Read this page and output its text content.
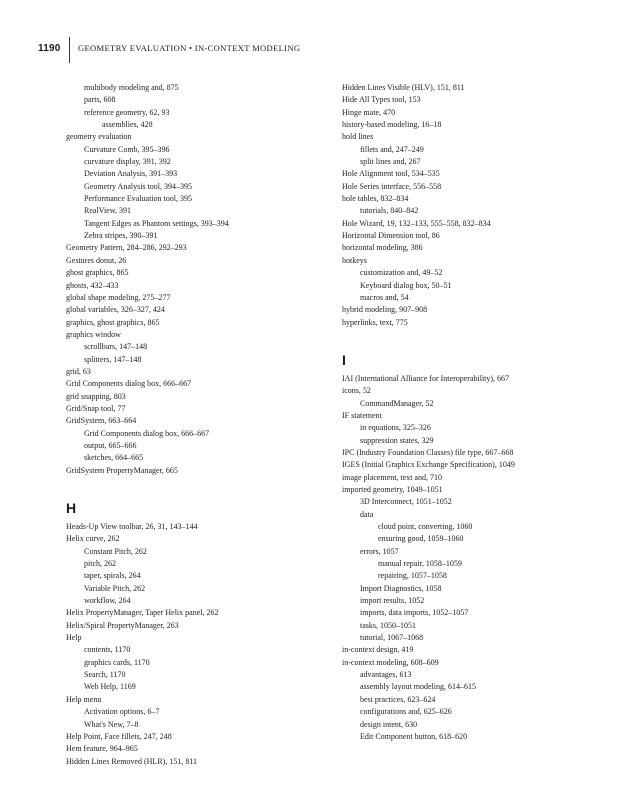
1190 GEOMETRY EVALUATION • IN-CONTEXT MODELING
multibody modeling and, 875
parts, 608
reference geometry, 62, 93
assemblies, 428
geometry evaluation
Curvature Comb, 395–396
curvature display, 391, 392
Deviation Analysis, 391–393
Geometry Analysis tool, 394–395
Performance Evaluation tool, 395
RealView, 391
Tangent Edges as Phantom settings, 393–394
Zebra stripes, 390–391
Geometry Pattern, 284–286, 292–293
Gestures donut, 26
ghost graphics, 865
ghosts, 432–433
global shape modeling, 275–277
global variables, 326–327, 424
graphics, ghost graphics, 865
graphics window
scrollbars, 147–148
splitters, 147–148
grid, 63
Grid Components dialog box, 666–667
grid snapping, 803
Grid/Snap tool, 77
GridSystem, 663–664
Grid Components dialog box, 666–667
output, 665–666
sketches, 664–665
GridSystem PropertyManager, 665
H
Heads-Up View toolbar, 26, 31, 143–144
Helix curve, 262
Constant Pitch, 262
pitch, 262
taper, spirals, 264
Variable Pitch, 262
workflow, 264
Helix PropertyManager, Taper Helix panel, 262
Helix/Spiral PropertyManager, 263
Help
contents, 1170
graphics cards, 1170
Search, 1170
Web Help, 1169
Help menu
Activation options, 6–7
What's New, 7–8
Help Point, Face fillets, 247, 248
Hem feature, 964–965
Hidden Lines Removed (HLR), 151, 811
Hidden Lines Visible (HLV), 151, 811
Hide All Types tool, 153
Hinge mate, 470
history-based modeling, 16–18
hold lines
fillets and, 247–249
split lines and, 267
Hole Alignment tool, 534–535
Hole Series interface, 556–558
hole tables, 832–834
tutorials, 840–842
Hole Wizard, 19, 132–133, 555–558, 832–834
Horizontal Dimension tool, 86
horizontal modeling, 386
hotkeys
customization and, 49–52
Keyboard dialog box, 50–51
macros and, 54
hybrid modeling, 907–908
hyperlinks, text, 775
I
IAI (International Alliance for Interoperability), 667
icons, 52
CommandManager, 52
IF statement
in equations, 325–326
suppression states, 329
IPC (Industry Foundation Classes) file type, 667–668
IGES (Initial Graphics Exchange Specification), 1049
image placement, text and, 710
imported geometry, 1049–1051
3D Interconnect, 1051–1052
data
cloud point, converting, 1060
ensuring good, 1059–1060
errors, 1057
manual repair, 1058–1059
repairing, 1057–1058
Import Diagnostics, 1058
import results, 1052
imports, data imports, 1052–1057
tasks, 1050–1051
tutorial, 1067–1068
in-context design, 419
in-context modeling, 608–609
advantages, 613
assembly layout modeling, 614–615
best practices, 623–624
configurations and, 625–626
design intent, 630
Edit Component button, 618–620
